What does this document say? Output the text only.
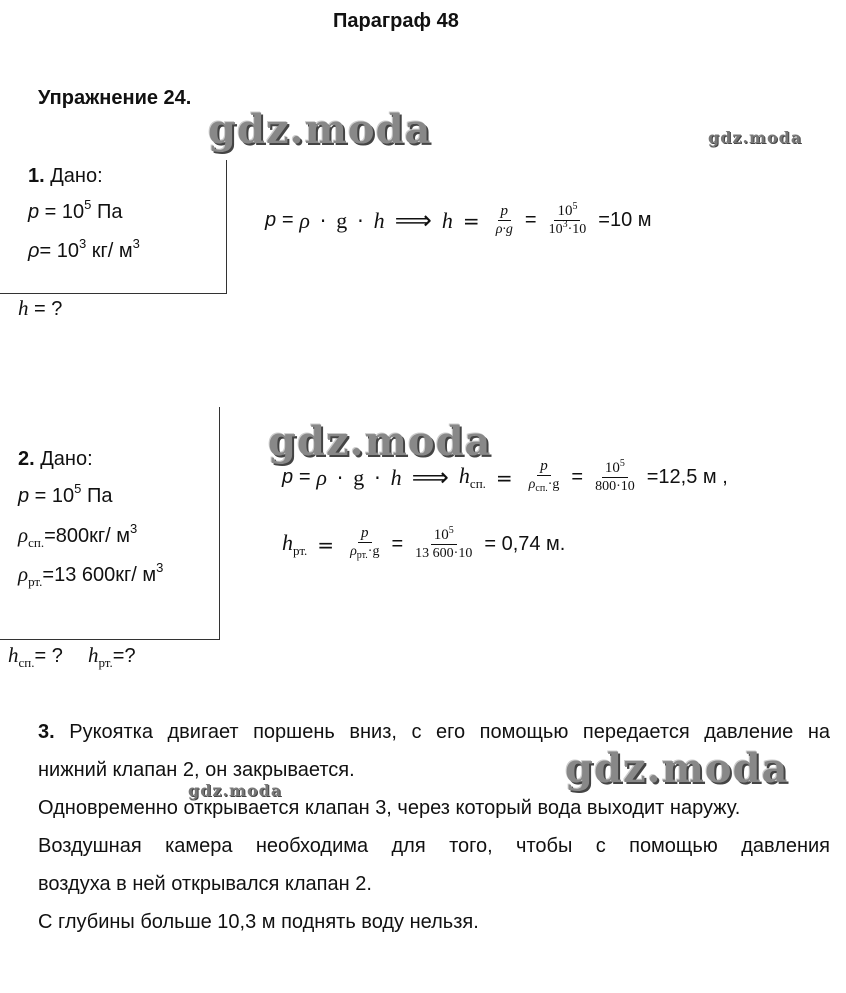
Параграф 48
Упражнение 24.
gdz.moda	gdz.moda
gdz.moda
gdz.moda
gdz.moda
1. Дано:
$p = 10^5$ Па
$\rho= 10^3$ кг/ $м^3$
h = ?
p = ρ · g · h ⟹ $h = \frac{p}{\rho\cdot g} = \frac{10^5}{10^3\cdot 10} =10$ м
2. Дано:
$p = 10^5$ Па
$\rho_{сп.}=800кг/$ $м^3$
$\rho_{рт.}=13$ 600кг/ $м^3$
$h_{сп.}=$ ? $h_{рт.}=$?
p = ρ · g · h ⟹ $h_{сп.} = \frac{p}{\rho_{сп.}\cdot g} = \frac{10^5}{800\cdot 10} =12,5$ м ,
$h_{рт.} = \frac{p}{\rho_{рт.}\cdot g} = \frac{10^5}{13 600\cdot 10} = 0,74$ м.
3. Рукоятка двигает поршень вниз, с его помощью передается давление на
нижний клапан 2, он закрывается.
Одновременно открывается клапан 3, через который вода выходит наружу.
Воздушная камера необходима для того, чтобы с помощью давления
воздуха в ней открывался клапан 2.
С глубины больше 10,3 м поднять воду нельзя.
